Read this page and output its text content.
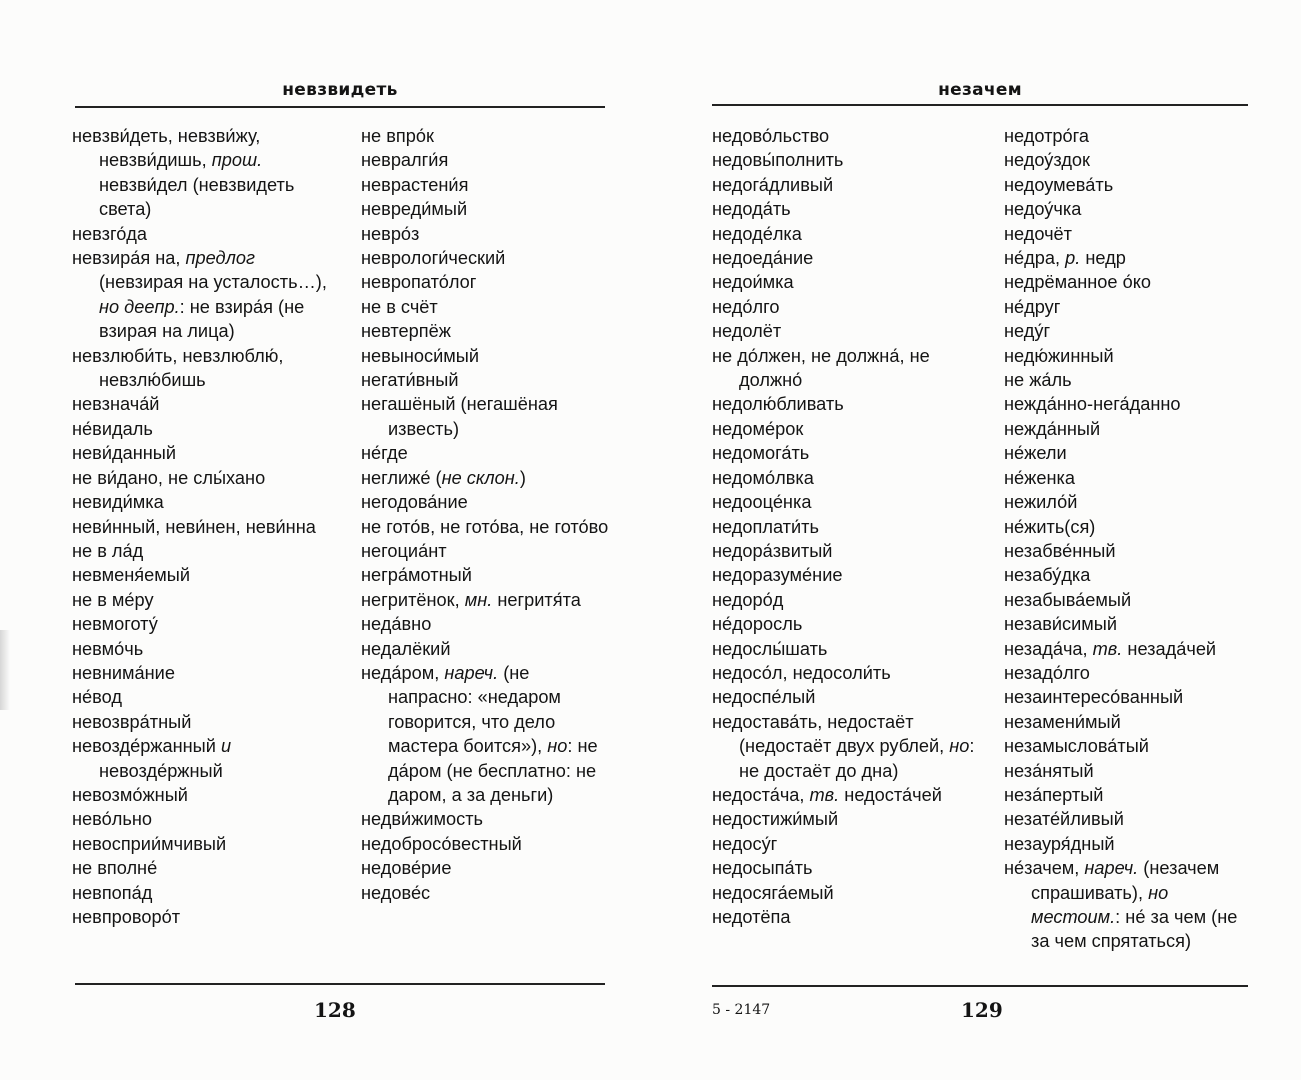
невзвидеть
невзви́деть, невзви́жу, невзви́дишь, прош. невзви́дел (невзвидеть света)
невзго́да
невзира́я на, предлог (невзирая на усталость…), но деепр.: не взира́я (не взирая на лица)
невзлюби́ть, невзлюблю́, невзлю́бишь
невзнача́й
не́видаль
неви́данный
не ви́дано, не слы́хано
невиди́мка
неви́нный, неви́нен, неви́нна
не в ла́д
невменя́емый
не в ме́ру
невмоготу́
невмо́чь
невнима́ние
не́вод
невозвра́тный
невозде́ржанный и невозде́ржный
невозмо́жный
нево́льно
невосприи́мчивый
не вполне́
невпопа́д
невпроворо́т
не впро́к
невралги́я
неврастени́я
невреди́мый
невро́з
неврологи́ческий
невропато́лог
не в счёт
невтерпёж
невыноси́мый
негати́вный
негашёный (негашёная известь)
не́где
неглиже́ (не склон.)
негодова́ние
не гото́в, не гото́ва, не гото́во
негоциа́нт
негра́мотный
негритёнок, мн. негритя́та
неда́вно
недалёкий
неда́ром, нареч. (не напрасно: «недаром говорится, что дело мастера боится»), но: не да́ром (не бесплатно: не даром, а за деньги)
недви́жимость
недобросо́вестный
недове́рие
недове́с
128
незачем
недово́льство
недовы́полнить
недога́дливый
недода́ть
недоде́лка
недоеда́ние
недои́мка
недо́лго
недолёт
не до́лжен, не должна́, не должно́
недолю́бливать
недоме́рок
недомога́ть
недомо́лвка
недооце́нка
недоплати́ть
недора́звитый
недоразуме́ние
недоро́д
не́доросль
недослы́шать
недосо́л, недосоли́ть
недоспе́лый
недостава́ть, недостаёт (недостаёт двух рублей, но: не достаёт до дна)
недоста́ча, тв. недоста́чей
недостижи́мый
недосу́г
недосыпа́ть
недосяга́емый
недотёпа
недотро́га
недоу́здок
недоумева́ть
недоу́чка
недочёт
не́дра, р. недр
недрёманное о́ко
не́друг
неду́г
недю́жинный
не жа́ль
нежда́нно-нега́данно
нежда́нный
не́жели
не́женка
нежило́й
не́жить(ся)
незабве́нный
незабу́дка
незабыва́емый
незави́симый
незада́ча, тв. незада́чей
незадо́лго
незаинтересо́ванный
незамени́мый
незамыслова́тый
неза́нятый
неза́пертый
незате́йливый
незауря́дный
не́зачем, нареч. (незачем спрашивать), но местоим.: не́ за чем (не за чем спрятаться)
5 - 2147	129
